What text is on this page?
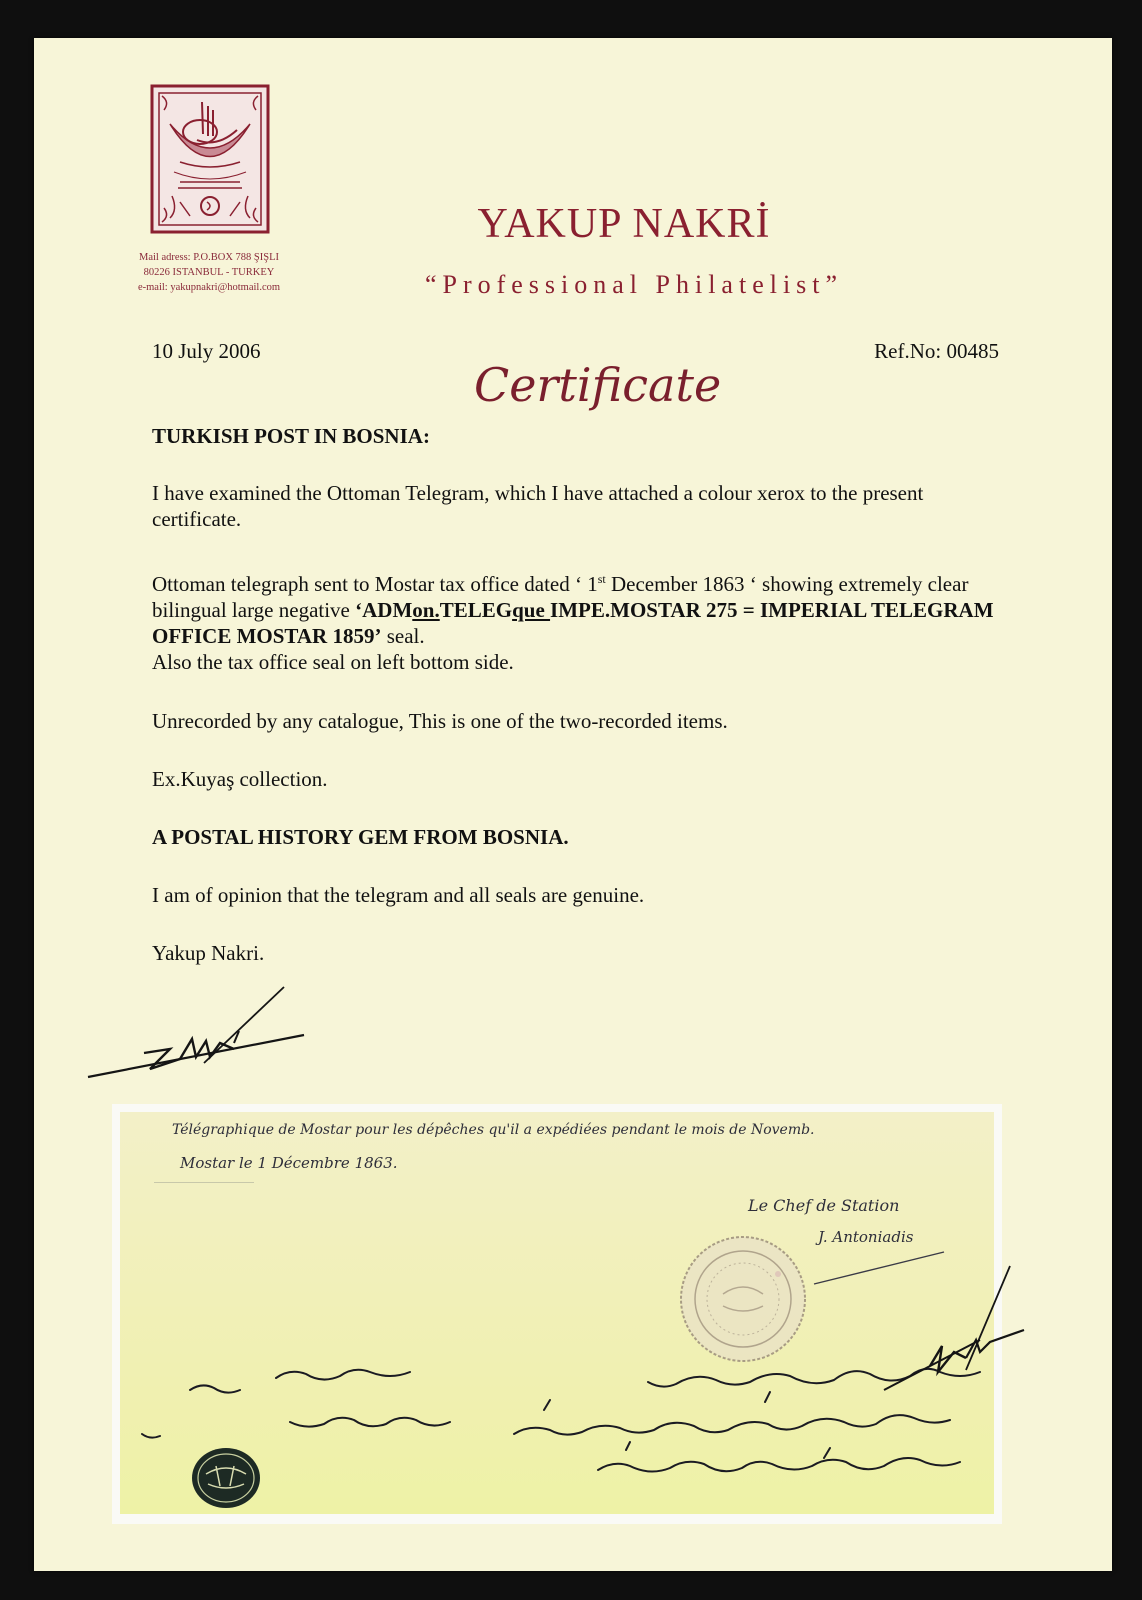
Mail adress: P.O.BOX 788 ŞIŞLI
80226 ISTANBUL - TURKEY
e-mail: yakupnakri@hotmail.com
YAKUP NAKRİ
“Professional Philatelist”
10 July 2006	Ref.No: 00485
Certificate
TURKISH POST IN BOSNIA:
I have examined the Ottoman Telegram, which I have attached a colour xerox to the present certificate.
Ottoman telegraph sent to Mostar tax office dated ‘ 1st December 1863 ‘ showing extremely clear bilingual large negative ‘ADMon.TELEGque IMPE.MOSTAR 275 = IMPERIAL TELEGRAM OFFICE MOSTAR 1859’ seal.
Also the tax office seal on left bottom side.
Unrecorded by any catalogue, This is one of the two-recorded items.
Ex.Kuyaş collection.
A POSTAL HISTORY GEM FROM BOSNIA.
I am of opinion that the telegram and all seals are genuine.
Yakup Nakri.
Télégraphique de Mostar pour les dépêches qu'il a expédiées pendant le mois de Novemb.
Mostar le 1 Décembre 1863.
Le Chef de Station
J. Antoniadis
